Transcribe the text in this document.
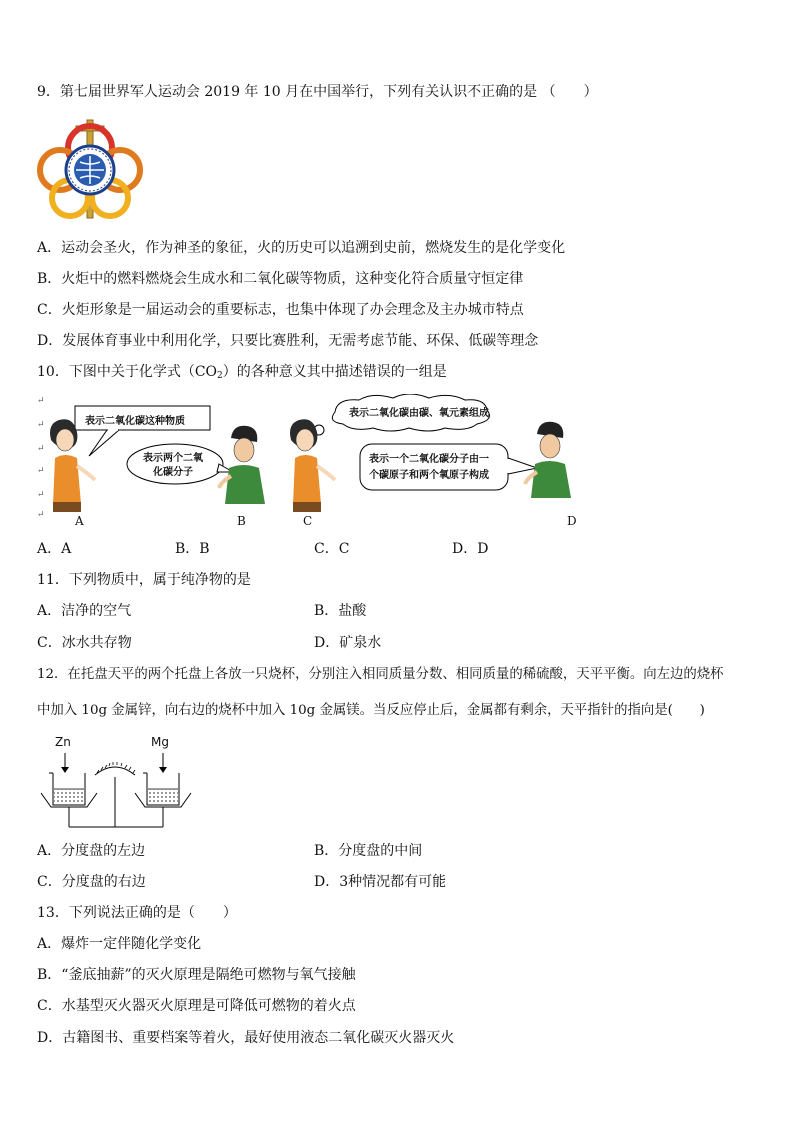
9．第七届世界军人运动会 2019 年 10 月在中国举行，下列有关认识不正确的是 （　　）
A．运动会圣火，作为神圣的象征，火的历史可以追溯到史前，燃烧发生的是化学变化
B．火炬中的燃料燃烧会生成水和二氧化碳等物质，这种变化符合质量守恒定律
C．火炬形象是一届运动会的重要标志，也集中体现了办会理念及主办城市特点
D．发展体育事业中利用化学，只要比赛胜利，无需考虑节能、环保、低碳等理念
10．下图中关于化学式$(CO_2)$的各种意义其中描述错误的一组是
↵
↵
↵
↵
↵
↵
表示二氧化碳这种物质
表示两个二氧
化碳分子
表示二氧化碳由碳、氧元素组成
表示一个二氧化碳分子由一
个碳原子和两个氧原子构成
A	B	C	D
A．A	B．B	C．C	D．D
11．下列物质中，属于纯净物的是
A．洁净的空气	B．盐酸
C．冰水共存物	D．矿泉水
12．在托盘天平的两个托盘上各放一只烧杯，分别注入相同质量分数、相同质量的稀硫酸，天平平衡。向左边的烧杯
中加入 10g 金属锌，向右边的烧杯中加入 10g 金属镁。当反应停止后，金属都有剩余，天平指针的指向是(　　)
Zn	Mg
A．分度盘的左边	B．分度盘的中间
C．分度盘的右边	D．3种情况都有可能
13．下列说法正确的是（　　）
A．爆炸一定伴随化学变化
B．“釜底抽薪”的灭火原理是隔绝可燃物与氧气接触
C．水基型灭火器灭火原理是可降低可燃物的着火点
D．古籍图书、重要档案等着火，最好使用液态二氧化碳灭火器灭火
